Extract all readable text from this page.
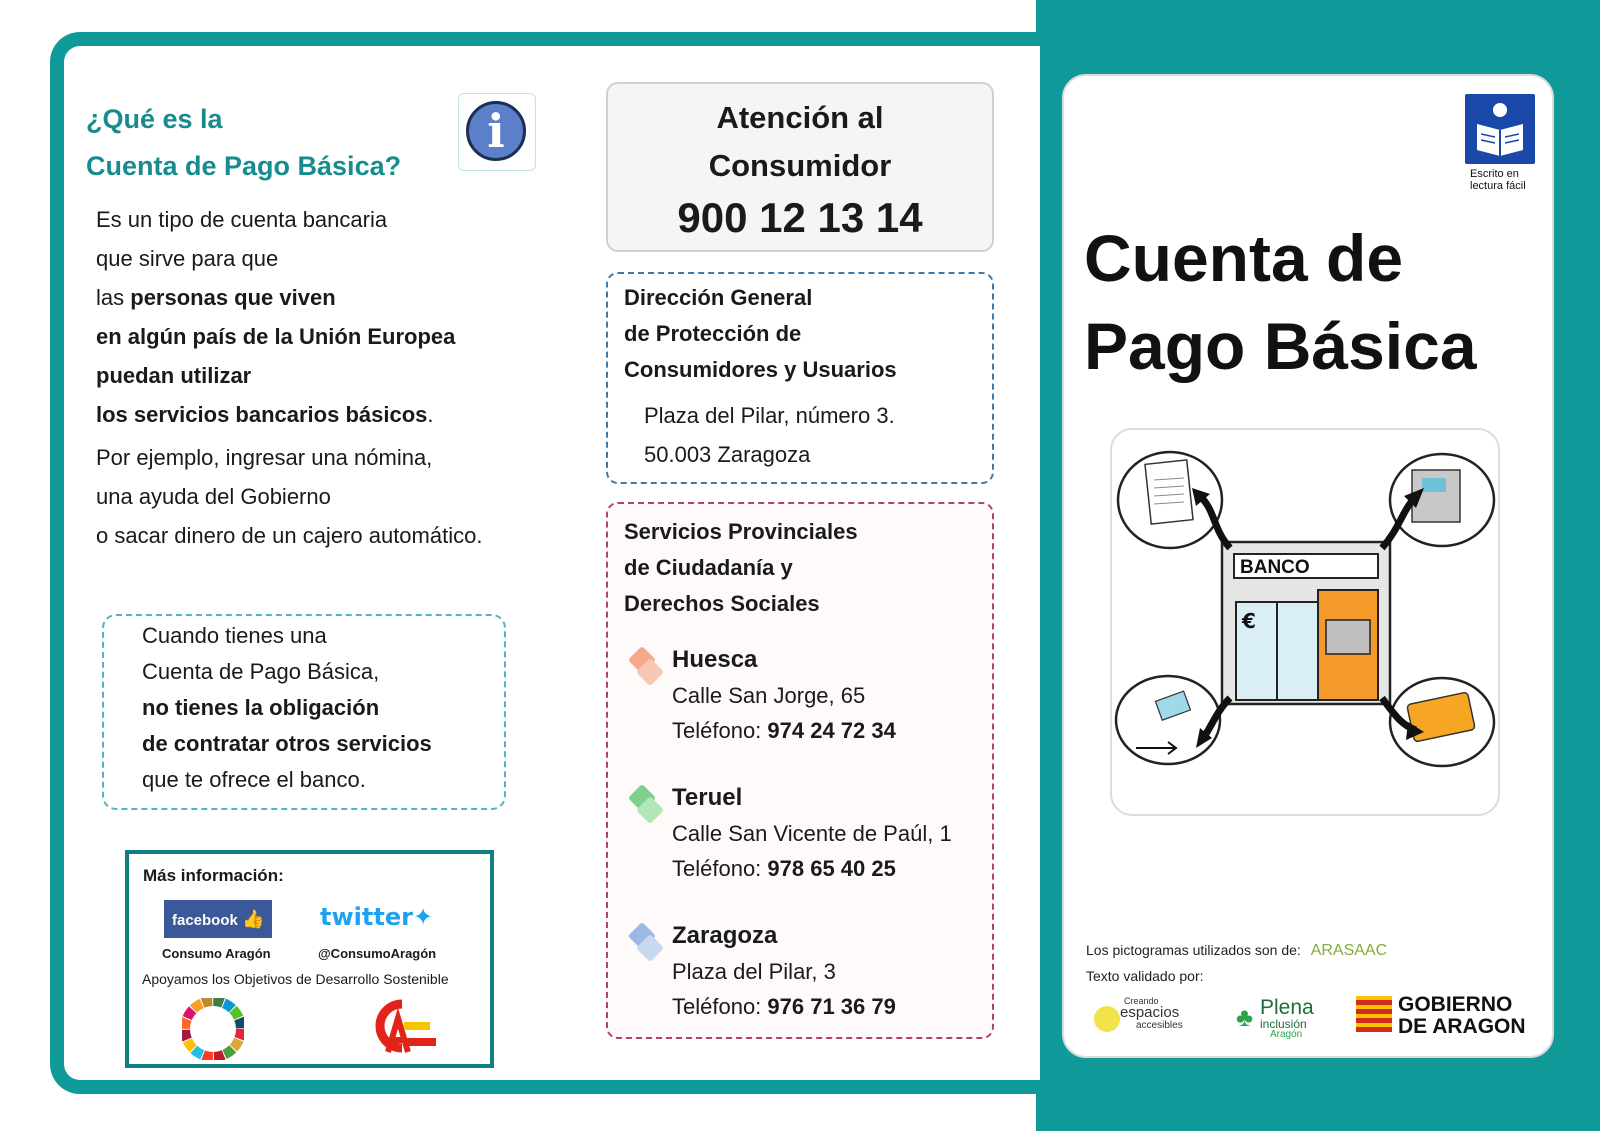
¿Qué es la
Cuenta de Pago Básica?
i
Es un tipo de cuenta bancaria
que sirve para que
las personas que viven
en algún país de la Unión Europea
puedan utilizar
los servicios bancarios básicos.
Por ejemplo, ingresar una nómina,
una ayuda del Gobierno
o sacar dinero de un cajero automático.
Cuando tienes una
Cuenta de Pago Básica,
no tienes la obligación
de contratar otros servicios
que te ofrece el banco.
Más información:
facebook 👍
Consumo Aragón
twitter✦
@ConsumoAragón
Apoyamos los Objetivos de Desarrollo Sostenible
Atención al
Consumidor
900 12 13 14
Dirección General
de Protección de
Consumidores y Usuarios
Plaza del Pilar, número 3.
50.003 Zaragoza
Servicios Provinciales
de Ciudadanía y
Derechos Sociales
Huesca
Calle San Jorge, 65
Teléfono: 974 24 72 34
Teruel
Calle San Vicente de Paúl, 1
Teléfono: 978 65 40 25
Zaragoza
Plaza del Pilar, 3
Teléfono: 976 71 36 79
Escrito en
lectura fácil
Cuenta de
Pago Básica
BANCO
€
Los pictogramas utilizados son de: ARASAAC
Texto validado por:
Creando
espacios
accesibles ♣ Plena
inclusión
Aragón
GOBIERNO
DE ARAGON
